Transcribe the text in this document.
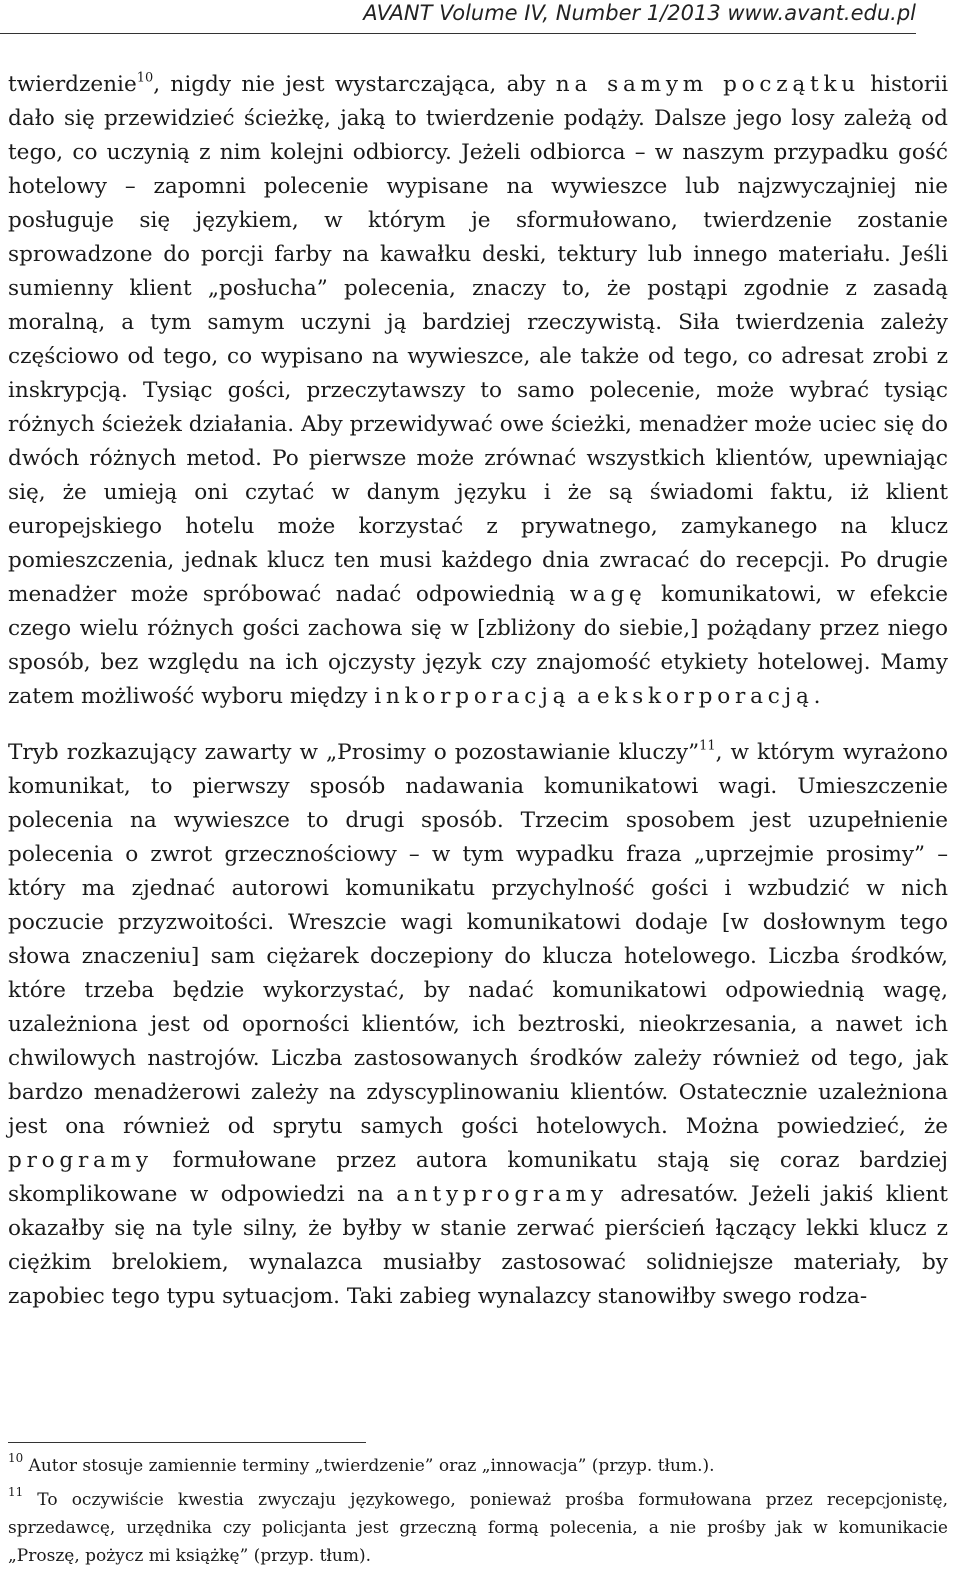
AVANT Volume IV, Number 1/2013 www.avant.edu.pl

twierdzenie$^{10}$, nigdy nie jest wystarczająca, aby na samym początku historii dało się przewidzieć ścieżkę, jaką to twierdzenie podąży. Dalsze jego losy zależą od tego, co uczynią z nim kolejni odbiorcy. Jeżeli odbiorca – w naszym przypadku gość hotelowy – zapomni polecenie wypisane na wywieszce lub najzwyczajniej nie posługuje się językiem, w którym je sformułowano, twierdzenie zostanie sprowadzone do porcji farby na kawałku deski, tektury lub innego materiału. Jeśli sumienny klient „posłucha” polecenia, znaczy to, że postąpi zgodnie z zasadą moralną, a tym samym uczyni ją bardziej rzeczywistą. Siła twierdzenia zależy częściowo od tego, co wypisano na wywieszce, ale także od tego, co adresat zrobi z inskrypcją. Tysiąc gości, przeczytawszy to samo polecenie, może wybrać tysiąc różnych ścieżek działania. Aby przewidywać owe ścieżki, menadżer może uciec się do dwóch różnych metod. Po pierwsze może zrównać wszystkich klientów, upewniając się, że umieją oni czytać w danym języku i że są świadomi faktu, iż klient europejskiego hotelu może korzystać z prywatnego, zamykanego na klucz pomieszczenia, jednak klucz ten musi każdego dnia zwracać do recepcji. Po drugie menadżer może spróbować nadać odpowiednią wagę komunikatowi, w efekcie czego wielu różnych gości zachowa się w [zbliżony do siebie,] pożądany przez niego sposób, bez względu na ich ojczysty język czy znajomość etykiety hotelowej. Mamy zatem możliwość wyboru między inkorporacją a ekskorporacją.

Tryb rozkazujący zawarty w „Prosimy o pozostawianie kluczy”$^{11}$, w którym wyrażono komunikat, to pierwszy sposób nadawania komunikatowi wagi. Umieszczenie polecenia na wywieszce to drugi sposób. Trzecim sposobem jest uzupełnienie polecenia o zwrot grzecznościowy – w tym wypadku fraza „uprzejmie prosimy” – który ma zjednać autorowi komunikatu przychylność gości i wzbudzić w nich poczucie przyzwoitości. Wreszcie wagi komunikatowi dodaje [w dosłownym tego słowa znaczeniu] sam ciężarek doczepiony do klucza hotelowego. Liczba środków, które trzeba będzie wykorzystać, by nadać komunikatowi odpowiednią wagę, uzależniona jest od oporności klientów, ich beztroski, nieokrzesania, a nawet ich chwilowych nastrojów. Liczba zastosowanych środków zależy również od tego, jak bardzo menadżerowi zależy na zdyscyplinowaniu klientów. Ostatecznie uzależniona jest ona również od sprytu samych gości hotelowych. Można powiedzieć, że programy formułowane przez autora komunikatu stają się coraz bardziej skomplikowane w odpowiedzi na antyprogramy adresatów. Jeżeli jakiś klient okazałby się na tyle silny, że byłby w stanie zerwać pierścień łączący lekki klucz z ciężkim brelokiem, wynalazca musiałby zastosować solidniejsze materiały, by zapobiec tego typu sytuacjom. Taki zabieg wynalazcy stanowiłby swego rodza-

$^{10}$ Autor stosuje zamiennie terminy „twierdzenie” oraz „innowacja” (przyp. tłum.).

$^{11}$ To oczywiście kwestia zwyczaju językowego, ponieważ prośba formułowana przez recepcjonistę, sprzedawcę, urzędnika czy policjanta jest grzeczną formą polecenia, a nie prośby jak w komunikacie „Proszę, pożycz mi książkę” (przyp. tłum).
